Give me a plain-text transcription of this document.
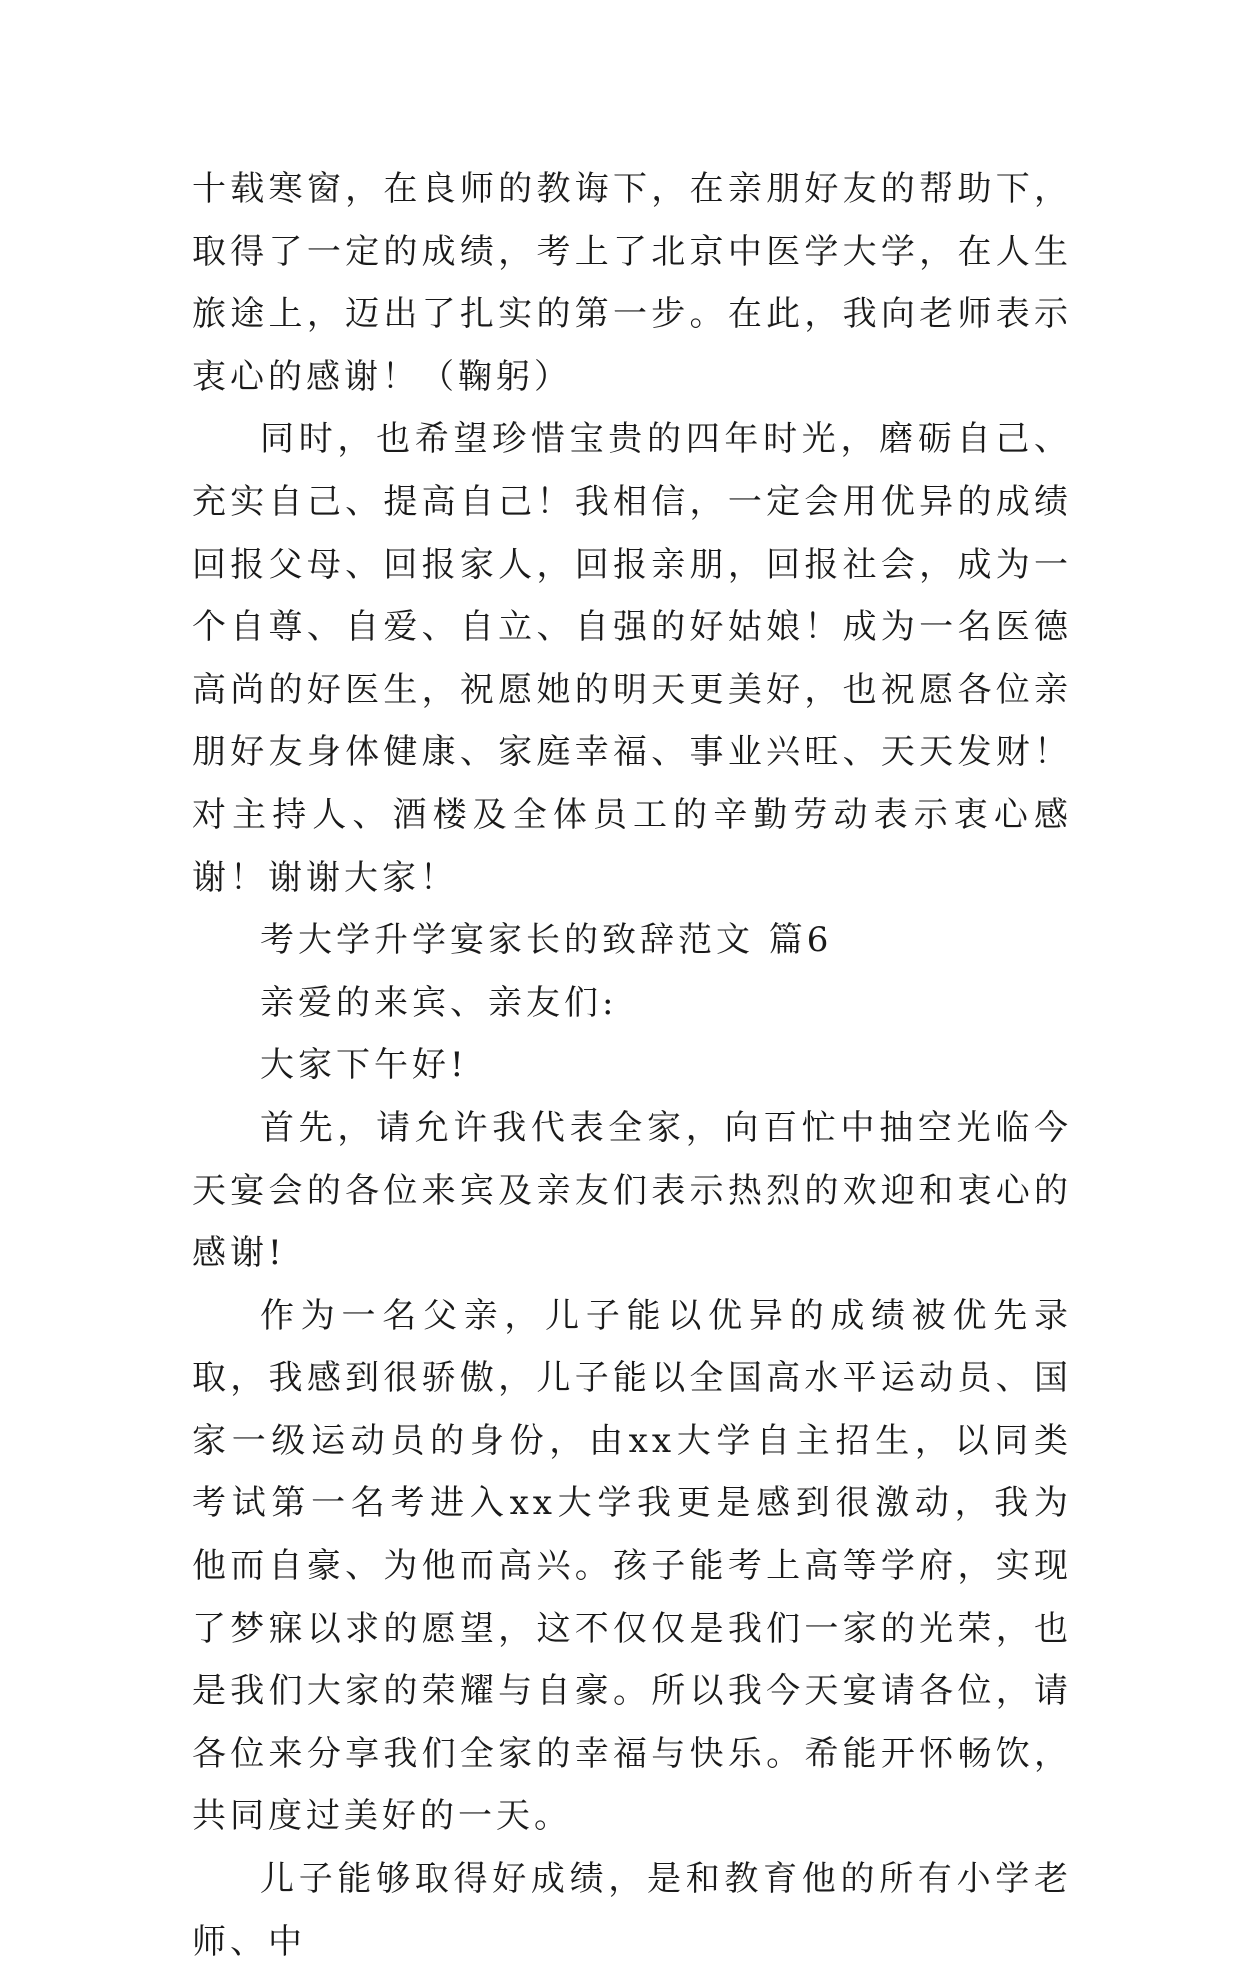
十载寒窗，在良师的教诲下，在亲朋好友的帮助下，取得了一定的成绩，考上了北京中医学大学，在人生旅途上，迈出了扎实的第一步。在此，我向老师表示衷心的感谢！（鞠躬）

同时，也希望珍惜宝贵的四年时光，磨砺自己、充实自己、提高自己！我相信，一定会用优异的成绩回报父母、回报家人，回报亲朋，回报社会，成为一个自尊、自爱、自立、自强的好姑娘！成为一名医德高尚的好医生，祝愿她的明天更美好，也祝愿各位亲朋好友身体健康、家庭幸福、事业兴旺、天天发财！对主持人、酒楼及全体员工的辛勤劳动表示衷心感谢！谢谢大家！

考大学升学宴家长的致辞范文 篇6

亲爱的来宾、亲友们:

大家下午好!

首先，请允许我代表全家，向百忙中抽空光临今天宴会的各位来宾及亲友们表示热烈的欢迎和衷心的感谢!

作为一名父亲，儿子能以优异的成绩被优先录取，我感到很骄傲，儿子能以全国高水平运动员、国家一级运动员的身份，由xx大学自主招生，以同类考试第一名考进入xx大学我更是感到很激动，我为他而自豪、为他而高兴。孩子能考上高等学府，实现了梦寐以求的愿望，这不仅仅是我们一家的光荣，也是我们大家的荣耀与自豪。所以我今天宴请各位，请各位来分享我们全家的幸福与快乐。希能开怀畅饮，共同度过美好的一天。

儿子能够取得好成绩，是和教育他的所有小学老师、中
